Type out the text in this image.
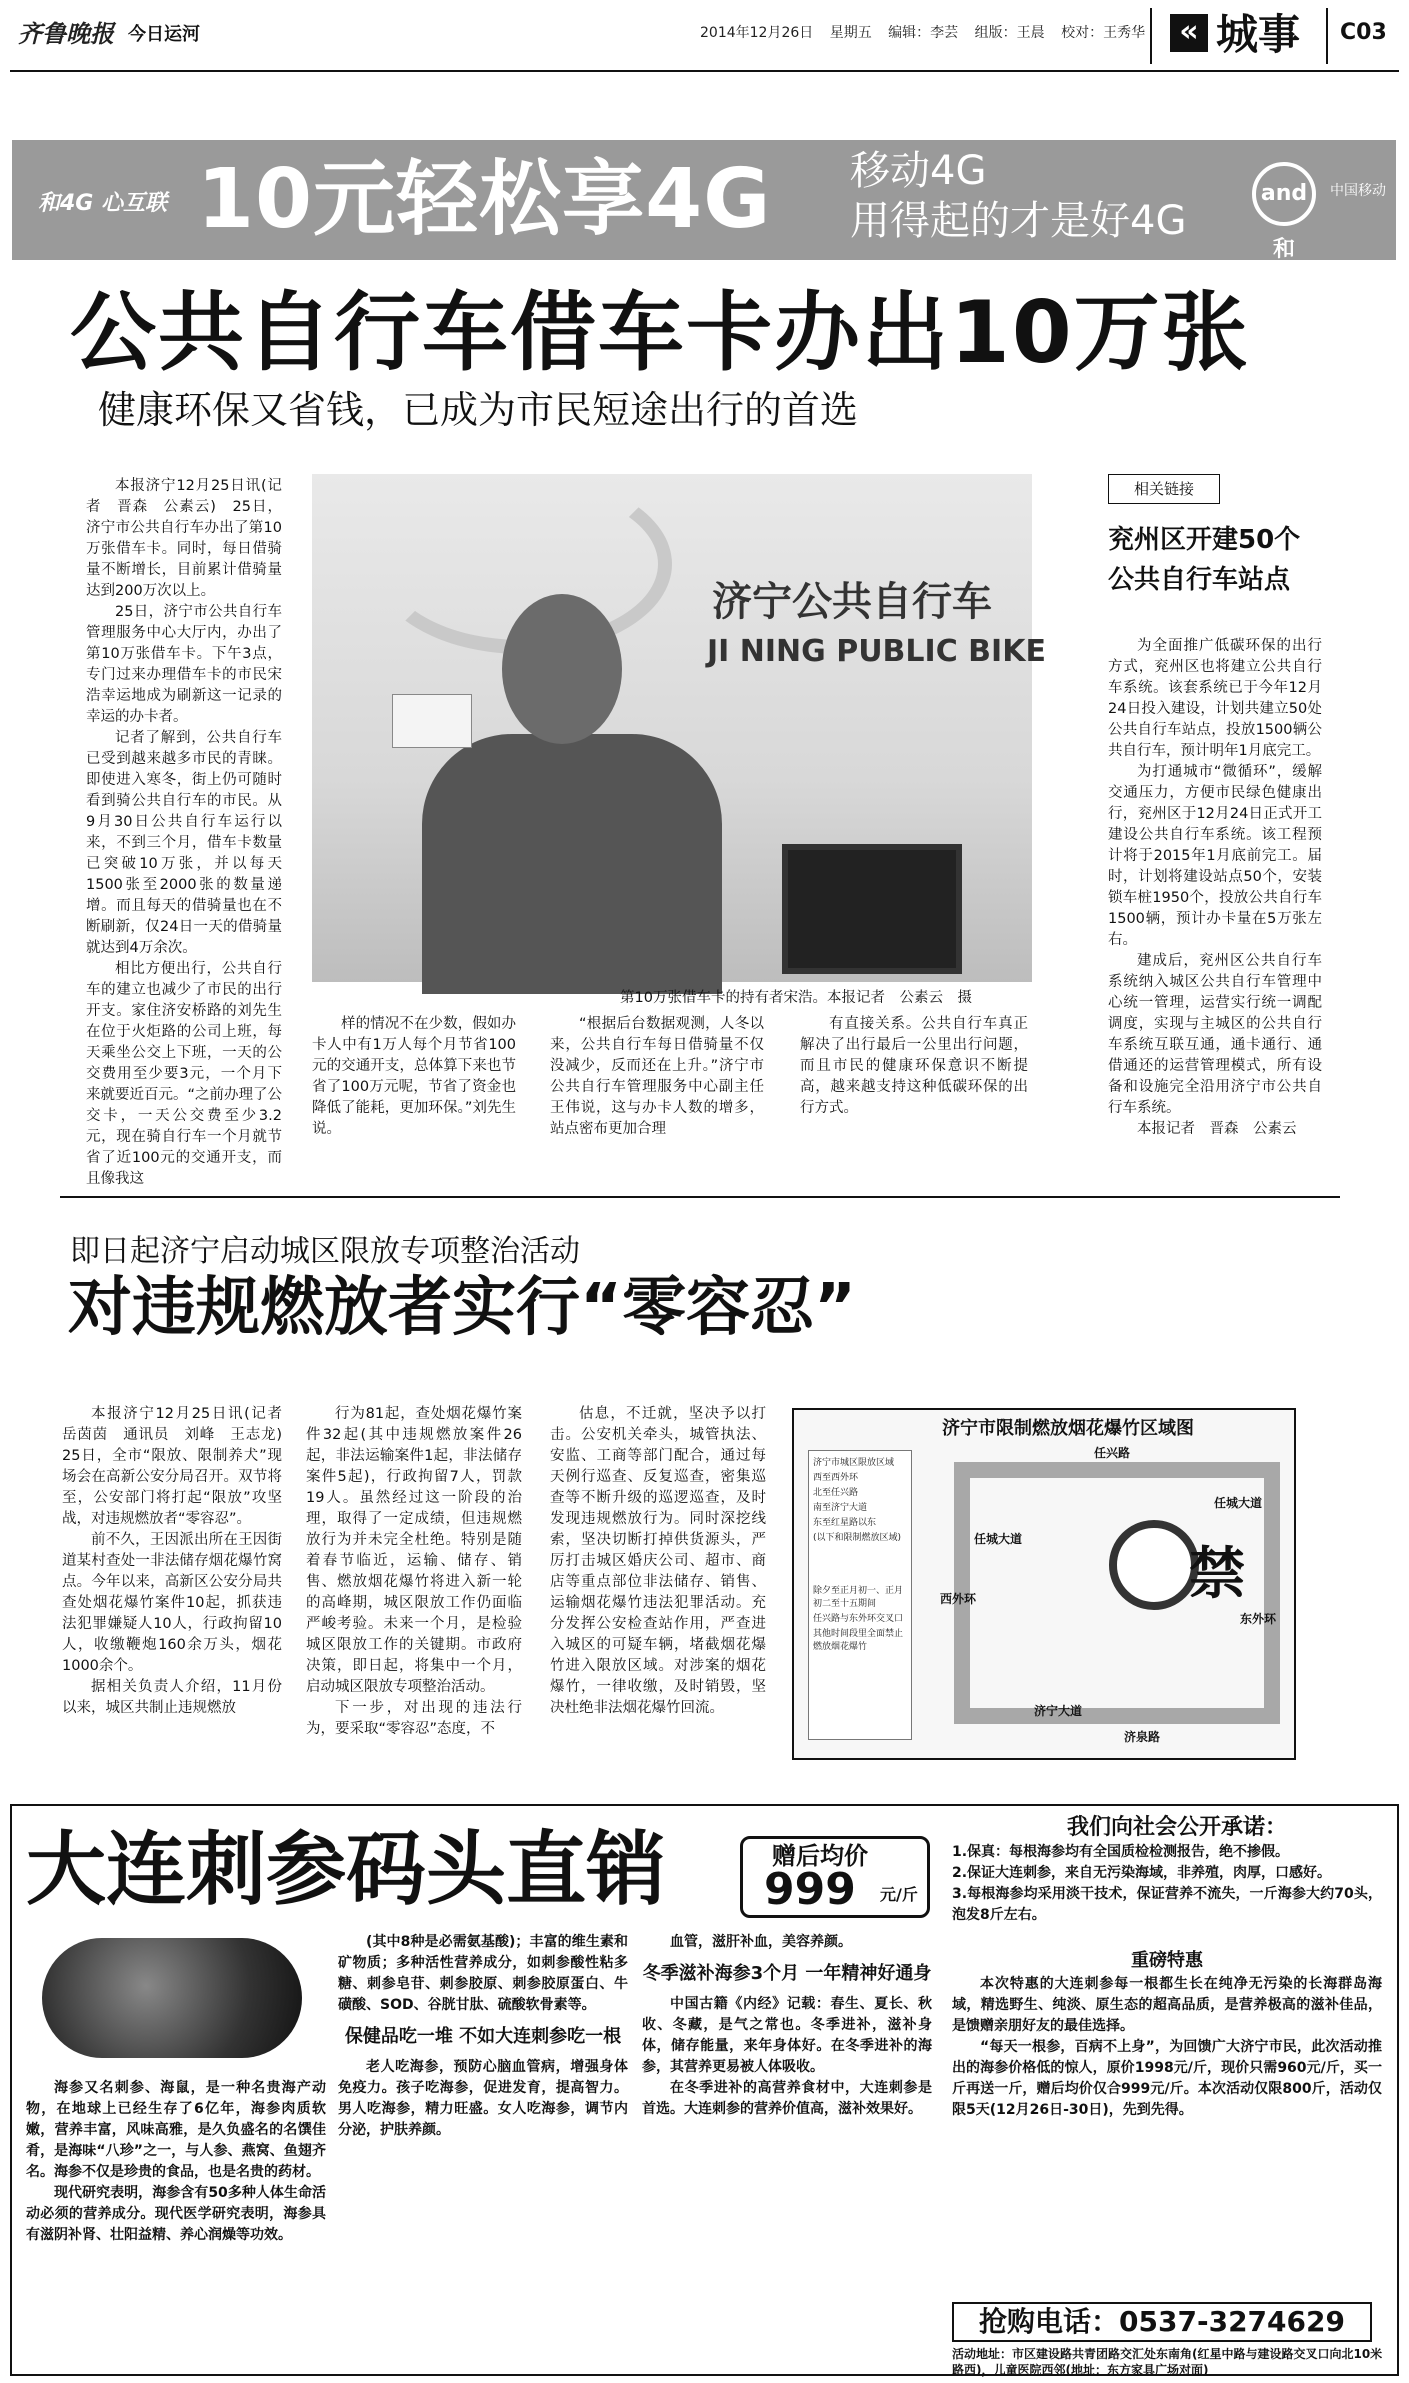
齐鲁晚报 今日运河	2014年12月26日 星期五 编辑：李芸 组版：王晨 校对：王秀华	« 城事 C03
和4G 心互联 10元轻松享4G 移动4G
用得起的才是好4G
and和
中国移动
公共自行车借车卡办出10万张
健康环保又省钱，已成为市民短途出行的首选

本报济宁12月25日讯(记者　晋森　公素云)　25日，济宁市公共自行车办出了第10万张借车卡。同时，每日借骑量不断增长，目前累计借骑量达到200万次以上。

25日，济宁市公共自行车管理服务中心大厅内，办出了第10万张借车卡。下午3点，专门过来办理借车卡的市民宋浩幸运地成为刷新这一记录的幸运的办卡者。

记者了解到，公共自行车已受到越来越多市民的青睐。即使进入寒冬，街上仍可随时看到骑公共自行车的市民。从9月30日公共自行车运行以来，不到三个月，借车卡数量已突破10万张，并以每天1500张至2000张的数量递增。而且每天的借骑量也在不断刷新，仅24日一天的借骑量就达到4万余次。

相比方便出行，公共自行车的建立也减少了市民的出行开支。家住济安桥路的刘先生在位于火炬路的公司上班，每天乘坐公交上下班，一天的公交费用至少要3元，一个月下来就要近百元。“之前办理了公交卡，一天公交费至少3.2元，现在骑自行车一个月就节省了近100元的交通开支，而且像我这

济宁公共自行车
JI NING PUBLIC BIKE
第10万张借车卡的持有者宋浩。本报记者　公素云　摄

样的情况不在少数，假如办卡人中有1万人每个月节省100元的交通开支，总体算下来也节省了100万元呢，节省了资金也降低了能耗，更加环保。”刘先生说。

“根据后台数据观测，人冬以来，公共自行车每日借骑量不仅没减少，反而还在上升。”济宁市公共自行车管理服务中心副主任王伟说，这与办卡人数的增多，站点密布更加合理

有直接关系。公共自行车真正解决了出行最后一公里出行问题，而且市民的健康环保意识不断提高，越来越支持这种低碳环保的出行方式。

相关链接
兖州区开建50个
公共自行车站点

为全面推广低碳环保的出行方式，兖州区也将建立公共自行车系统。该套系统已于今年12月24日投入建设，计划共建立50处公共自行车站点，投放1500辆公共自行车，预计明年1月底完工。

为打通城市“微循环”，缓解交通压力，方便市民绿色健康出行，兖州区于12月24日正式开工建设公共自行车系统。该工程预计将于2015年1月底前完工。届时，计划将建设站点50个，安装锁车桩1950个，投放公共自行车1500辆，预计办卡量在5万张左右。

建成后，兖州区公共自行车系统纳入城区公共自行车管理中心统一管理，运营实行统一调配调度，实现与主城区的公共自行车系统互联互通，通卡通行、通借通还的运营管理模式，所有设备和设施完全沿用济宁市公共自行车系统。

本报记者　晋森　公素云

即日起济宁启动城区限放专项整治活动
对违规燃放者实行“零容忍”

本报济宁12月25日讯(记者　岳茵茵　通讯员　刘峰　王志龙)　25日，全市“限放、限制养犬”现场会在高新公安分局召开。双节将至，公安部门将打起“限放”攻坚战，对违规燃放者“零容忍”。

前不久，王因派出所在王因街道某村查处一非法储存烟花爆竹窝点。今年以来，高新区公安分局共查处烟花爆竹案件10起，抓获违法犯罪嫌疑人10人，行政拘留10人，收缴鞭炮160余万头，烟花1000余个。

据相关负责人介绍，11月份以来，城区共制止违规燃放

行为81起，查处烟花爆竹案件32起(其中违规燃放案件26起，非法运输案件1起，非法储存案件5起)，行政拘留7人，罚款19人。虽然经过这一阶段的治理，取得了一定成绩，但违规燃放行为并未完全杜绝。特别是随着春节临近，运输、储存、销售、燃放烟花爆竹将进入新一轮的高峰期，城区限放工作仍面临严峻考验。未来一个月，是检验城区限放工作的关键期。市政府决策，即日起，将集中一个月，启动城区限放专项整治活动。

下一步，对出现的违法行为，要采取“零容忍”态度，不

估息，不迁就，坚决予以打击。公安机关牵头，城管执法、安监、工商等部门配合，通过每天例行巡查、反复巡查，密集巡查等不断升级的巡逻巡查，及时发现违规燃放行为。同时深挖线索，坚决切断打掉供货源头，严厉打击城区婚庆公司、超市、商店等重点部位非法储存、销售、运输烟花爆竹违法犯罪活动。充分发挥公安检查站作用，严查进入城区的可疑车辆，堵截烟花爆竹进入限放区域。对涉案的烟花爆竹，一律收缴，及时销毁，坚决杜绝非法烟花爆竹回流。

济宁市限制燃放烟花爆竹区域图
济宁市城区限放区域
西至西外环
北至任兴路
南至济宁大道
东至红星路以东
(以下和限制燃放区域)
除夕至正月初一、正月初二至十五期间
任兴路与东外环交叉口
其他时间段里全面禁止燃放烟花爆竹
任兴路
济宁大道
济泉路
任城大道
任城大道
西外环
东外环
禁
大连刺参码头直销	赠后均价
999 元/斤

海参又名刺参、海鼠，是一种名贵海产动物，在地球上已经生存了6亿年，海参肉质软嫩，营养丰富，风味高雅，是久负盛名的名馔佳肴，是海味“八珍”之一，与人参、燕窝、鱼翅齐名。海参不仅是珍贵的食品，也是名贵的药材。

现代研究表明，海参含有50多种人体生命活动必须的营养成分。现代医学研究表明，海参具有滋阴补肾、壮阳益精、养心润燥等功效。

(其中8种是必需氨基酸)；丰富的维生素和矿物质；多种活性营养成分，如刺参酸性粘多糖、刺参皂苷、刺参胶原、刺参胶原蛋白、牛磺酸、SOD、谷胱甘肽、硫酸软骨素等。

保健品吃一堆 不如大连刺参吃一根

老人吃海参，预防心脑血管病，增强身体免疫力。孩子吃海参，促进发育，提高智力。男人吃海参，精力旺盛。女人吃海参，调节内分泌，护肤养颜。

血管，滋肝补血，美容养颜。

冬季滋补海参3个月 一年精神好通身

中国古籍《内经》记载：春生、夏长、秋收、冬藏，是气之常也。冬季进补，滋补身体，储存能量，来年身体好。在冬季进补的海参，其营养更易被人体吸收。

在冬季进补的高营养食材中，大连刺参是首选。大连刺参的营养价值高，滋补效果好。

我们向社会公开承诺：
1.保真：每根海参均有全国质检检测报告，绝不掺假。
2.保证大连刺参，来自无污染海域，非养殖，肉厚，口感好。
3.每根海参均采用淡干技术，保证营养不流失，一斤海参大约70头，泡发8斤左右。
重磅特惠

本次特惠的大连刺参每一根都生长在纯净无污染的长海群岛海域，精选野生、纯淡、原生态的超高品质，是营养极高的滋补佳品，是馈赠亲朋好友的最佳选择。

“每天一根参，百病不上身”，为回馈广大济宁市民，此次活动推出的海参价格低的惊人，原价1998元/斤，现价只需960元/斤，买一斤再送一斤，赠后均价仅合999元/斤。本次活动仅限800斤，活动仅限5天(12月26日-30日)，先到先得。

抢购电话：0537-3274629
活动地址：市区建设路共青团路交汇处东南角(红星中路与建设路交叉口向北10米路西)，儿童医院西邻(地址：东方家具广场对面)
